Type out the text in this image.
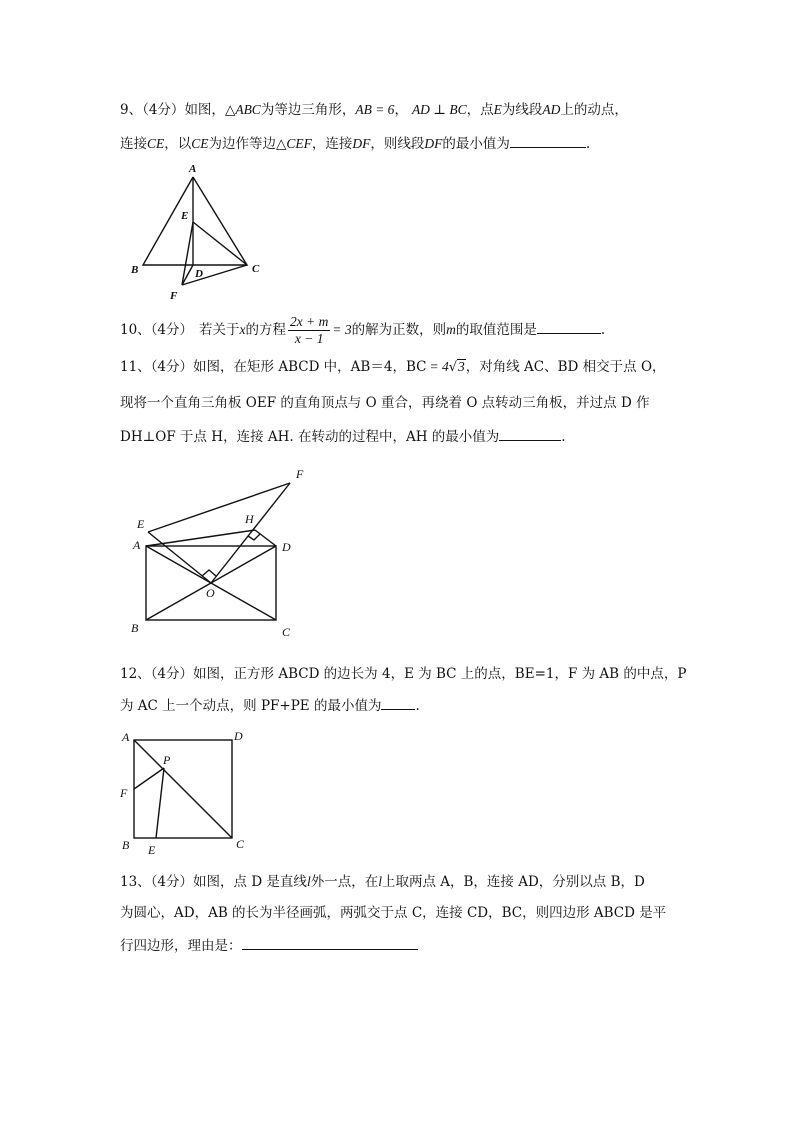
9、（4分）如图，△ABC为等边三角形，AB = 6， AD ⊥ BC，点E为线段AD上的动点，
连接CE，以CE为边作等边△CEF，连接DF，则线段DF的最小值为	.
A
B	C
D
E
F
10、（4分） 若关于x的方程 $\frac{2x + m}{x - 1} = 3$的解为正数，则m的取值范围是	.
11、（4分）如图，在矩形 ABCD 中，AB＝4，BC = 4√3，对角线 AC、BD 相交于点 O，
现将一个直角三角板 OEF 的直角顶点与 O 重合，再绕着 O 点转动三角板，并过点 D 作
DH⊥OF 于点 H，连接 AH. 在转动的过程中，AH 的最小值为	.
A
B	C
D
E
F
H
O
12、（4分）如图，正方形 ABCD 的边长为 4，E 为 BC 上的点，BE=1，F 为 AB 的中点，P
为 AC 上一个动点，则 PF+PE 的最小值为	.
A
B	C
D
E
F
P
13、（4分）如图，点 D 是直线l外一点，在l上取两点 A，B，连接 AD，分别以点 B，D
为圆心，AD，AB 的长为半径画弧，两弧交于点 C，连接 CD，BC，则四边形 ABCD 是平
行四边形，理由是：
